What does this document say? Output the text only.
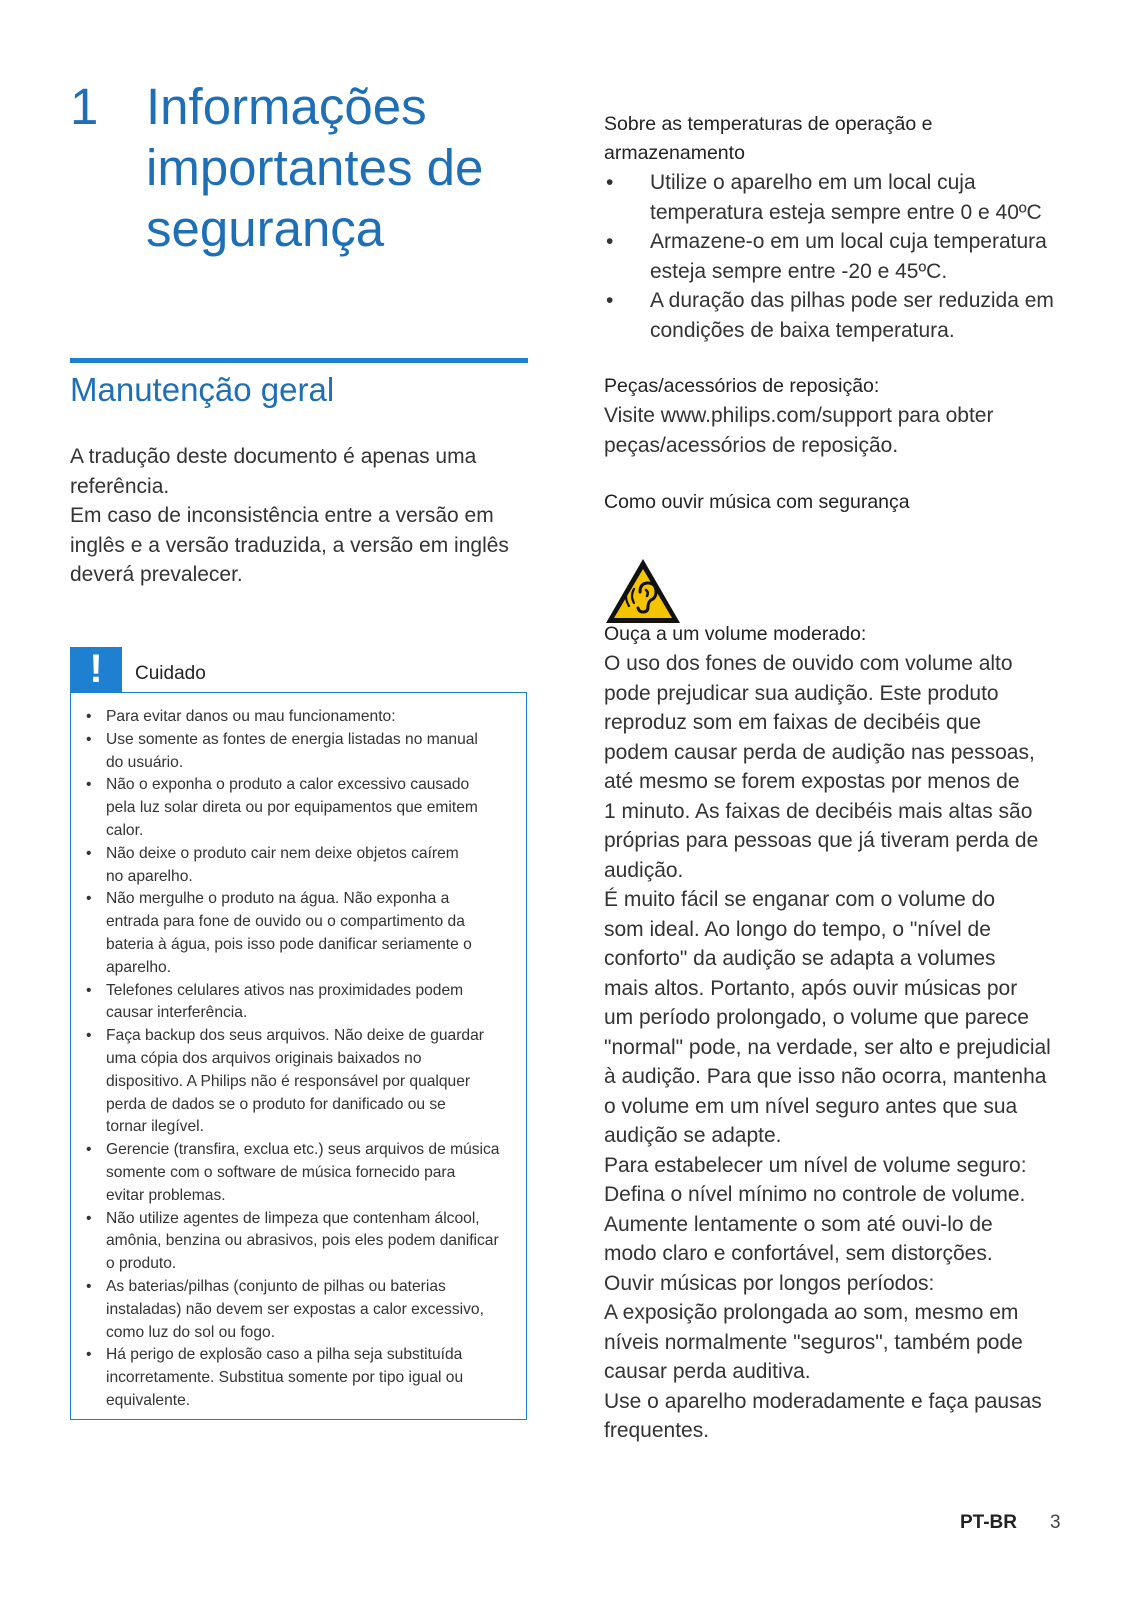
1 Informações
importantes de
segurança
Manutenção geral
A tradução deste documento é apenas uma
referência.
Em caso de inconsistência entre a versão em
inglês e a versão traduzida, a versão em inglês
deverá prevalecer.
!	Cuidado
• Para evitar danos ou mau funcionamento:
• Use somente as fontes de energia listadas no manual
do usuário.
• Não o exponha o produto a calor excessivo causado
pela luz solar direta ou por equipamentos que emitem
calor.
• Não deixe o produto cair nem deixe objetos caírem
no aparelho.
• Não mergulhe o produto na água. Não exponha a
entrada para fone de ouvido ou o compartimento da
bateria à água, pois isso pode danificar seriamente o
aparelho.
• Telefones celulares ativos nas proximidades podem
causar interferência.
• Faça backup dos seus arquivos. Não deixe de guardar
uma cópia dos arquivos originais baixados no
dispositivo. A Philips não é responsável por qualquer
perda de dados se o produto for danificado ou se
tornar ilegível.
• Gerencie (transfira, exclua etc.) seus arquivos de música
somente com o software de música fornecido para
evitar problemas.
• Não utilize agentes de limpeza que contenham álcool,
amônia, benzina ou abrasivos, pois eles podem danificar
o produto.
• As baterias/pilhas (conjunto de pilhas ou baterias
instaladas) não devem ser expostas a calor excessivo,
como luz do sol ou fogo.
• Há perigo de explosão caso a pilha seja substituída
incorretamente. Substitua somente por tipo igual ou
equivalente.
Sobre as temperaturas de operação e
armazenamento
• Utilize o aparelho em um local cuja
temperatura esteja sempre entre 0 e 40ºC
• Armazene-o em um local cuja temperatura
esteja sempre entre -20 e 45ºC.
• A duração das pilhas pode ser reduzida em
condições de baixa temperatura.
Peças/acessórios de reposição:
Visite www.philips.com/support para obter
peças/acessórios de reposição.
Como ouvir música com segurança
Ouça a um volume moderado:
O uso dos fones de ouvido com volume alto
pode prejudicar sua audição. Este produto
reproduz som em faixas de decibéis que
podem causar perda de audição nas pessoas,
até mesmo se forem expostas por menos de
1 minuto. As faixas de decibéis mais altas são
próprias para pessoas que já tiveram perda de
audição.
É muito fácil se enganar com o volume do
som ideal. Ao longo do tempo, o "nível de
conforto" da audição se adapta a volumes
mais altos. Portanto, após ouvir músicas por
um período prolongado, o volume que parece
"normal" pode, na verdade, ser alto e prejudicial
à audição. Para que isso não ocorra, mantenha
o volume em um nível seguro antes que sua
audição se adapte.
Para estabelecer um nível de volume seguro:
Defina o nível mínimo no controle de volume.
Aumente lentamente o som até ouvi-lo de
modo claro e confortável, sem distorções.
Ouvir músicas por longos períodos:
A exposição prolongada ao som, mesmo em
níveis normalmente "seguros", também pode
causar perda auditiva.
Use o aparelho moderadamente e faça pausas
frequentes.
PT-BR 3
